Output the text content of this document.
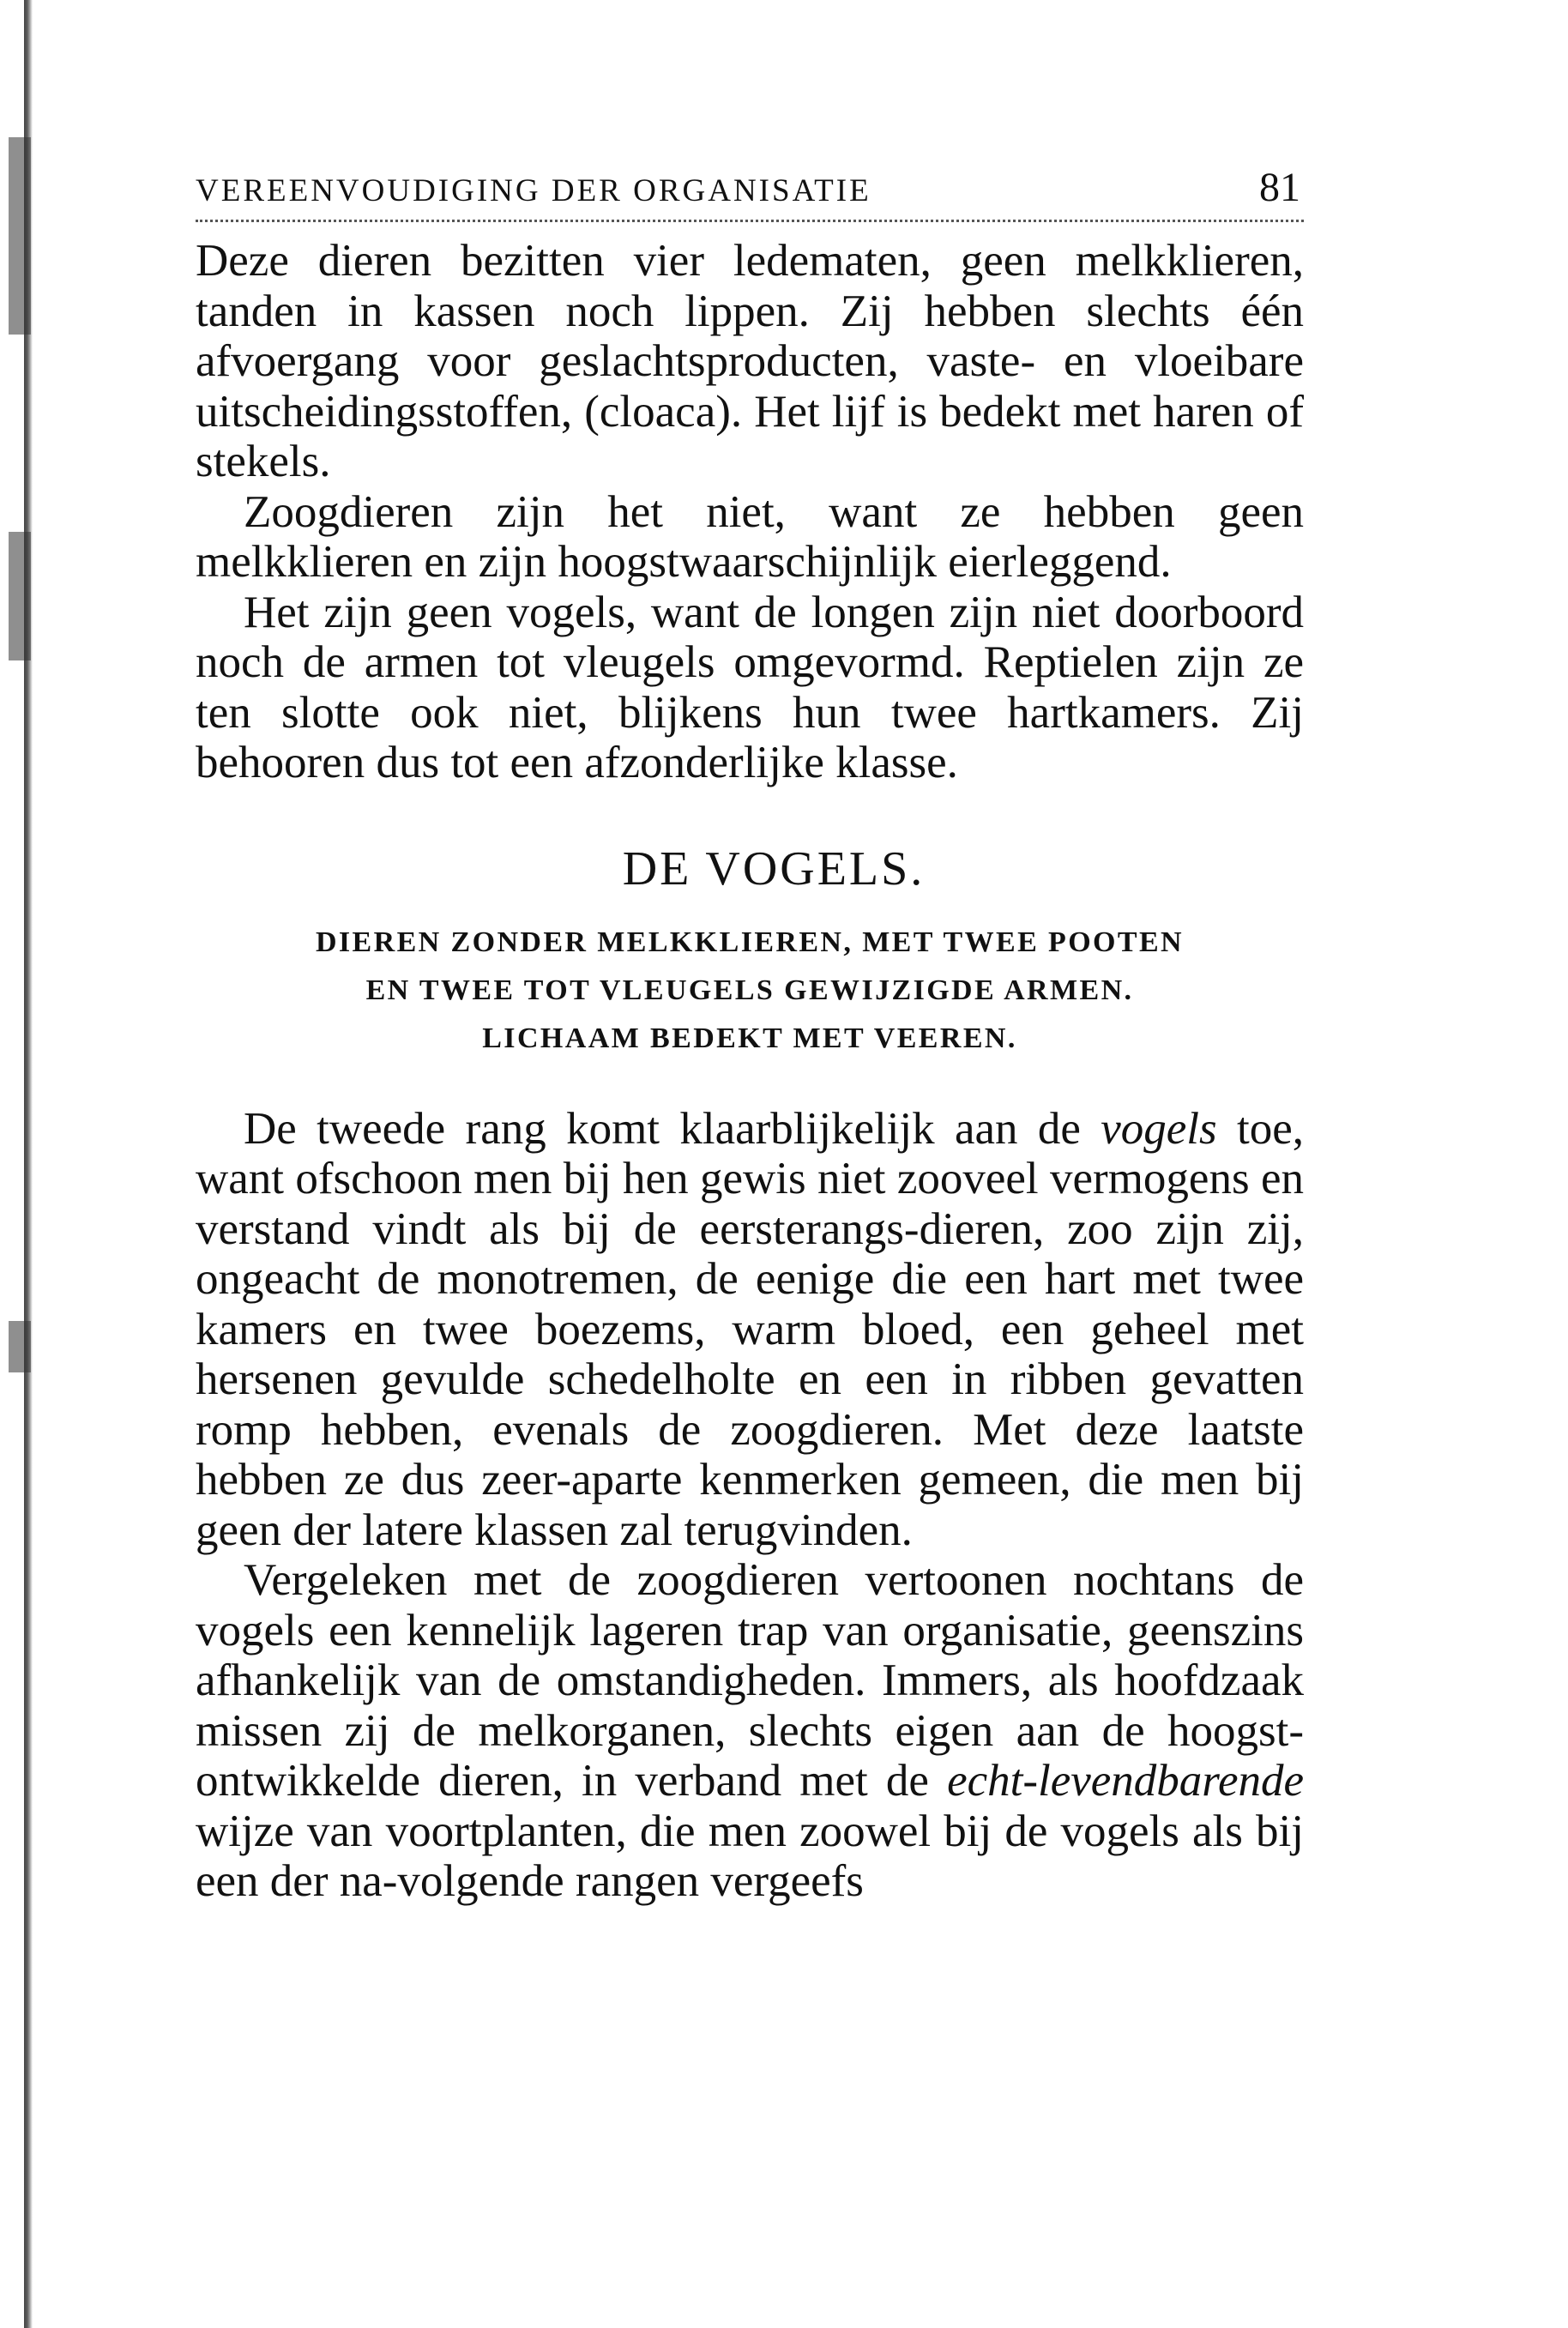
VEREENVOUDIGING DER ORGANISATIE	81

Deze dieren bezitten vier ledematen, geen melkklieren, tanden in kassen noch lippen. Zij hebben slechts één afvoergang voor geslachtsproducten, vaste- en vloeibare uitscheidingsstoffen, (cloaca). Het lijf is bedekt met haren of stekels.

Zoogdieren zijn het niet, want ze hebben geen melkklieren en zijn hoogstwaarschijnlijk eierleggend.

Het zijn geen vogels, want de longen zijn niet doorboord noch de armen tot vleugels omgevormd. Reptielen zijn ze ten slotte ook niet, blijkens hun twee hartkamers. Zij behooren dus tot een afzonderlijke klasse.

DE VOGELS.
DIEREN ZONDER MELKKLIEREN, MET TWEE POOTEN
EN TWEE TOT VLEUGELS GEWIJZIGDE ARMEN.
LICHAAM BEDEKT MET VEEREN.

De tweede rang komt klaarblijkelijk aan de vogels toe, want ofschoon men bij hen gewis niet zooveel vermogens en verstand vindt als bij de eersterangs-dieren, zoo zijn zij, ongeacht de monotremen, de eenige die een hart met twee kamers en twee boezems, warm bloed, een geheel met hersenen gevulde schedelholte en een in ribben gevatten romp hebben, evenals de zoogdieren. Met deze laatste hebben ze dus zeer-aparte kenmerken gemeen, die men bij geen der latere klassen zal terugvinden.

Vergeleken met de zoogdieren vertoonen nochtans de vogels een kennelijk lageren trap van organisatie, geenszins afhankelijk van de omstandigheden. Immers, als hoofdzaak missen zij de melkorganen, slechts eigen aan de hoogst-ontwikkelde dieren, in verband met de echt-levendbarende wijze van voortplanten, die men zoowel bij de vogels als bij een der na-volgende rangen vergeefs
